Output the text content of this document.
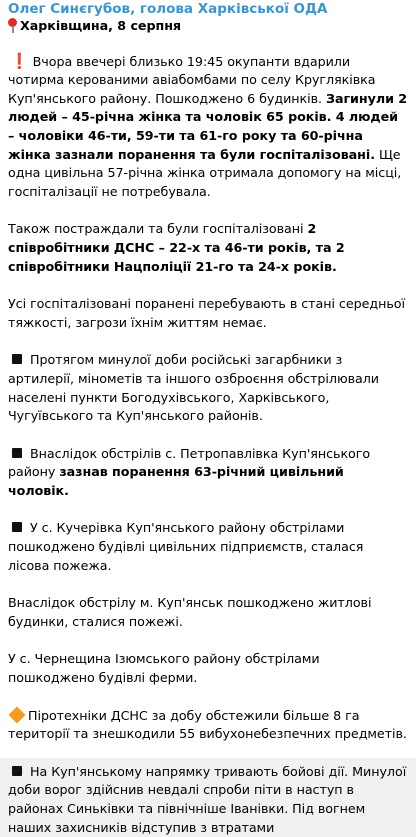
Олег Синєгубов, голова Харківської ОДА
Харківщина, 8 серпня

❗ Вчора ввечері близько 19:45 окупанти вдарили чотирма керованими авіабомбами по селу Кругляківка Куп'янського району. Пошкоджено 6 будинків. Загинули 2 людей – 45-річна жінка та чоловік 65 років. 4 людей – чоловіки 46-ти, 59-ти та 61-го року та 60-річна жінка зазнали поранення та були госпіталізовані. Ще одна цивільна 57-річна жінка отримала допомогу на місці, госпіталізації не потребувала.

Також постраждали та були госпіталізовані 2 співробітники ДСНС – 22-х та 46-ти років, та 2 співробітники Нацполіції 21-го та 24-х років.

Усі госпіталізовані поранені перебувають в стані середньої тяжкості, загрози їхнім життям немає.

Протягом минулої доби російські загарбники з артилерії, мінометів та іншого озброєння обстрілювали населені пункти Богодухівського, Харківського, Чугуївського та Куп'янського районів.

Внаслідок обстрілів с. Петропавлівка Куп'янського району зазнав поранення 63-річний цивільний чоловік.

У с. Кучерівка Куп'янського району обстрілами пошкоджено будівлі цивільних підприємств, сталася лісова пожежа.

Внаслідок обстрілу м. Куп'янськ пошкоджено житлові будинки, сталися пожежі.

У с. Чернещина Ізюмського району обстрілами пошкоджено будівлі ферми.

Піротехніки ДСНС за добу обстежили більше 8 га території та знешкодили 55 вибухонебезпечних предметів.

На Куп'янському напрямку тривають бойові дії. Минулої доби ворог здійснив невдалі спроби піти в наступ в районах Синьківки та північніше Іванівки. Під вогнем наших захисників відступив з втратами
